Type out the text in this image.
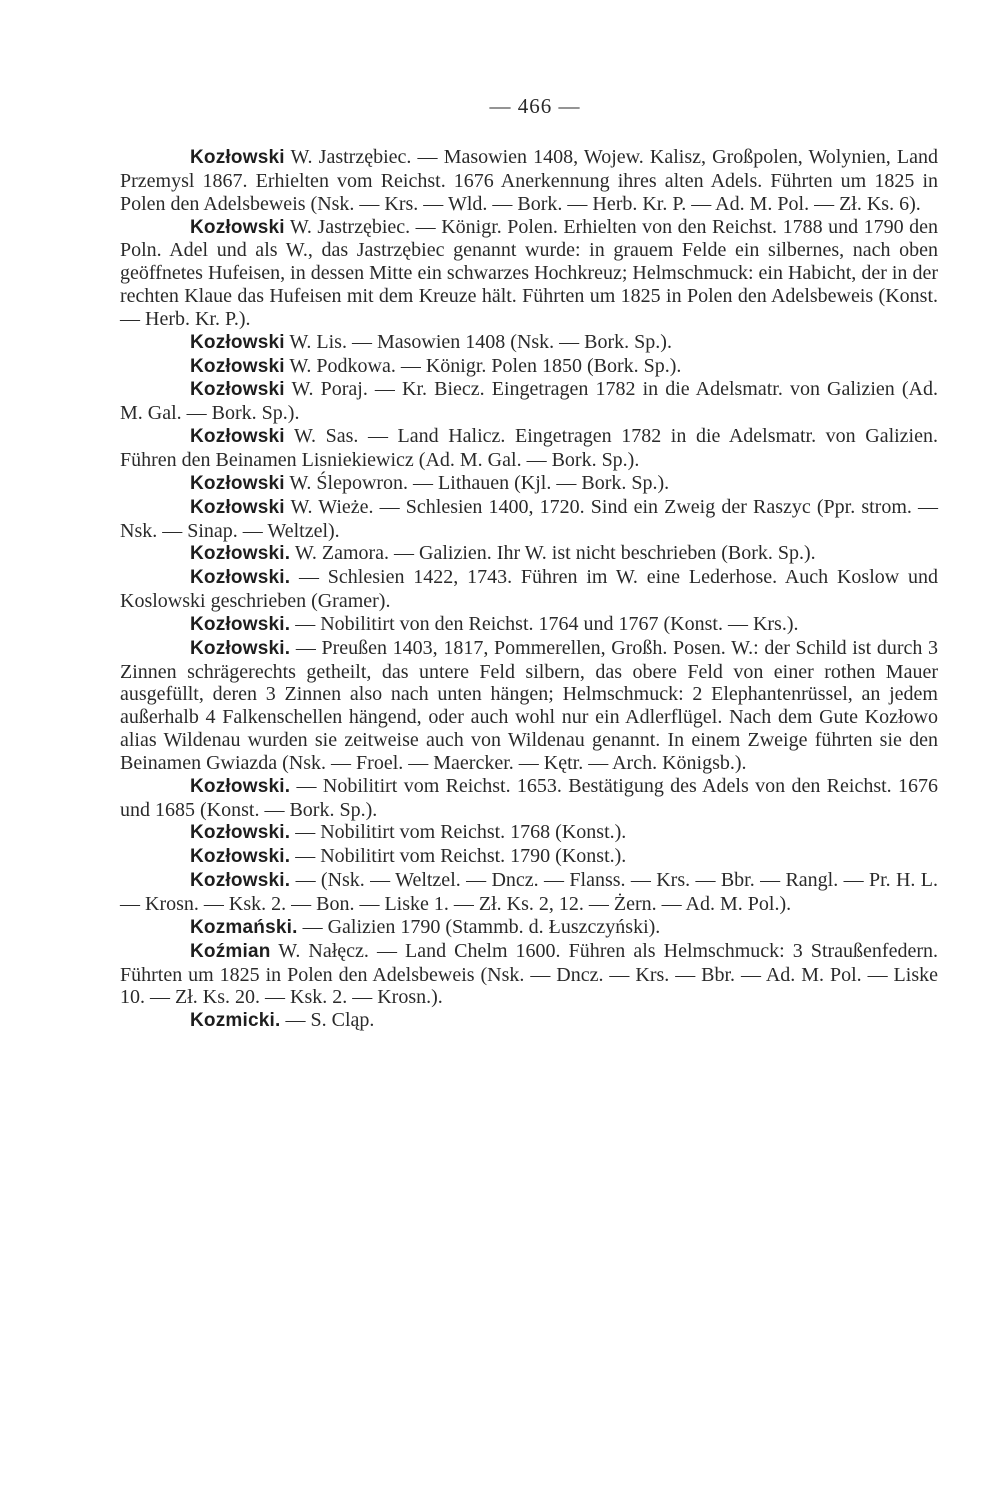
— 466 —

Kozłowski W. Jastrzębiec. — Masowien 1408, Wojew. Kalisz, Großpolen, Wolynien, Land Przemysl 1867. Erhielten vom Reichst. 1676 Anerkennung ihres alten Adels. Führten um 1825 in Polen den Adelsbeweis (Nsk. — Krs. — Wld. — Bork. — Herb. Kr. P. — Ad. M. Pol. — Zł. Ks. 6).

Kozłowski W. Jastrzębiec. — Königr. Polen. Erhielten von den Reichst. 1788 und 1790 den Poln. Adel und als W., das Jastrzębiec genannt wurde: in grauem Felde ein silbernes, nach oben geöffnetes Hufeisen, in dessen Mitte ein schwarzes Hochkreuz; Helmschmuck: ein Habicht, der in der rechten Klaue das Hufeisen mit dem Kreuze hält. Führten um 1825 in Polen den Adelsbeweis (Konst. — Herb. Kr. P.).

Kozłowski W. Lis. — Masowien 1408 (Nsk. — Bork. Sp.).

Kozłowski W. Podkowa. — Königr. Polen 1850 (Bork. Sp.).

Kozłowski W. Poraj. — Kr. Biecz. Eingetragen 1782 in die Adelsmatr. von Galizien (Ad. M. Gal. — Bork. Sp.).

Kozłowski W. Sas. — Land Halicz. Eingetragen 1782 in die Adelsmatr. von Galizien. Führen den Beinamen Lisniekiewicz (Ad. M. Gal. — Bork. Sp.).

Kozłowski W. Ślepowron. — Lithauen (Kjl. — Bork. Sp.).

Kozłowski W. Wieże. — Schlesien 1400, 1720. Sind ein Zweig der Raszyc (Ppr. strom. — Nsk. — Sinap. — Weltzel).

Kozłowski. W. Zamora. — Galizien. Ihr W. ist nicht beschrieben (Bork. Sp.).

Kozłowski. — Schlesien 1422, 1743. Führen im W. eine Lederhose. Auch Koslow und Koslowski geschrieben (Gramer).

Kozłowski. — Nobilitirt von den Reichst. 1764 und 1767 (Konst. — Krs.).

Kozłowski. — Preußen 1403, 1817, Pommerellen, Großh. Posen. W.: der Schild ist durch 3 Zinnen schrägerechts getheilt, das untere Feld silbern, das obere Feld von einer rothen Mauer ausgefüllt, deren 3 Zinnen also nach unten hängen; Helmschmuck: 2 Elephantenrüssel, an jedem außerhalb 4 Falkenschellen hängend, oder auch wohl nur ein Adlerflügel. Nach dem Gute Kozłowo alias Wildenau wurden sie zeitweise auch von Wildenau genannt. In einem Zweige führten sie den Beinamen Gwiazda (Nsk. — Froel. — Maercker. — Kętr. — Arch. Königsb.).

Kozłowski. — Nobilitirt vom Reichst. 1653. Bestätigung des Adels von den Reichst. 1676 und 1685 (Konst. — Bork. Sp.).

Kozłowski. — Nobilitirt vom Reichst. 1768 (Konst.).

Kozłowski. — Nobilitirt vom Reichst. 1790 (Konst.).

Kozłowski. — (Nsk. — Weltzel. — Dncz. — Flanss. — Krs. — Bbr. — Rangl. — Pr. H. L. — Krosn. — Ksk. 2. — Bon. — Liske 1. — Zł. Ks. 2, 12. — Żern. — Ad. M. Pol.).

Kozmański. — Galizien 1790 (Stammb. d. Łuszczyński).

Koźmian W. Nałęcz. — Land Chelm 1600. Führen als Helmschmuck: 3 Straußenfedern. Führten um 1825 in Polen den Adelsbeweis (Nsk. — Dncz. — Krs. — Bbr. — Ad. M. Pol. — Liske 10. — Zł. Ks. 20. — Ksk. 2. — Krosn.).

Kozmicki. — S. Cląp.
